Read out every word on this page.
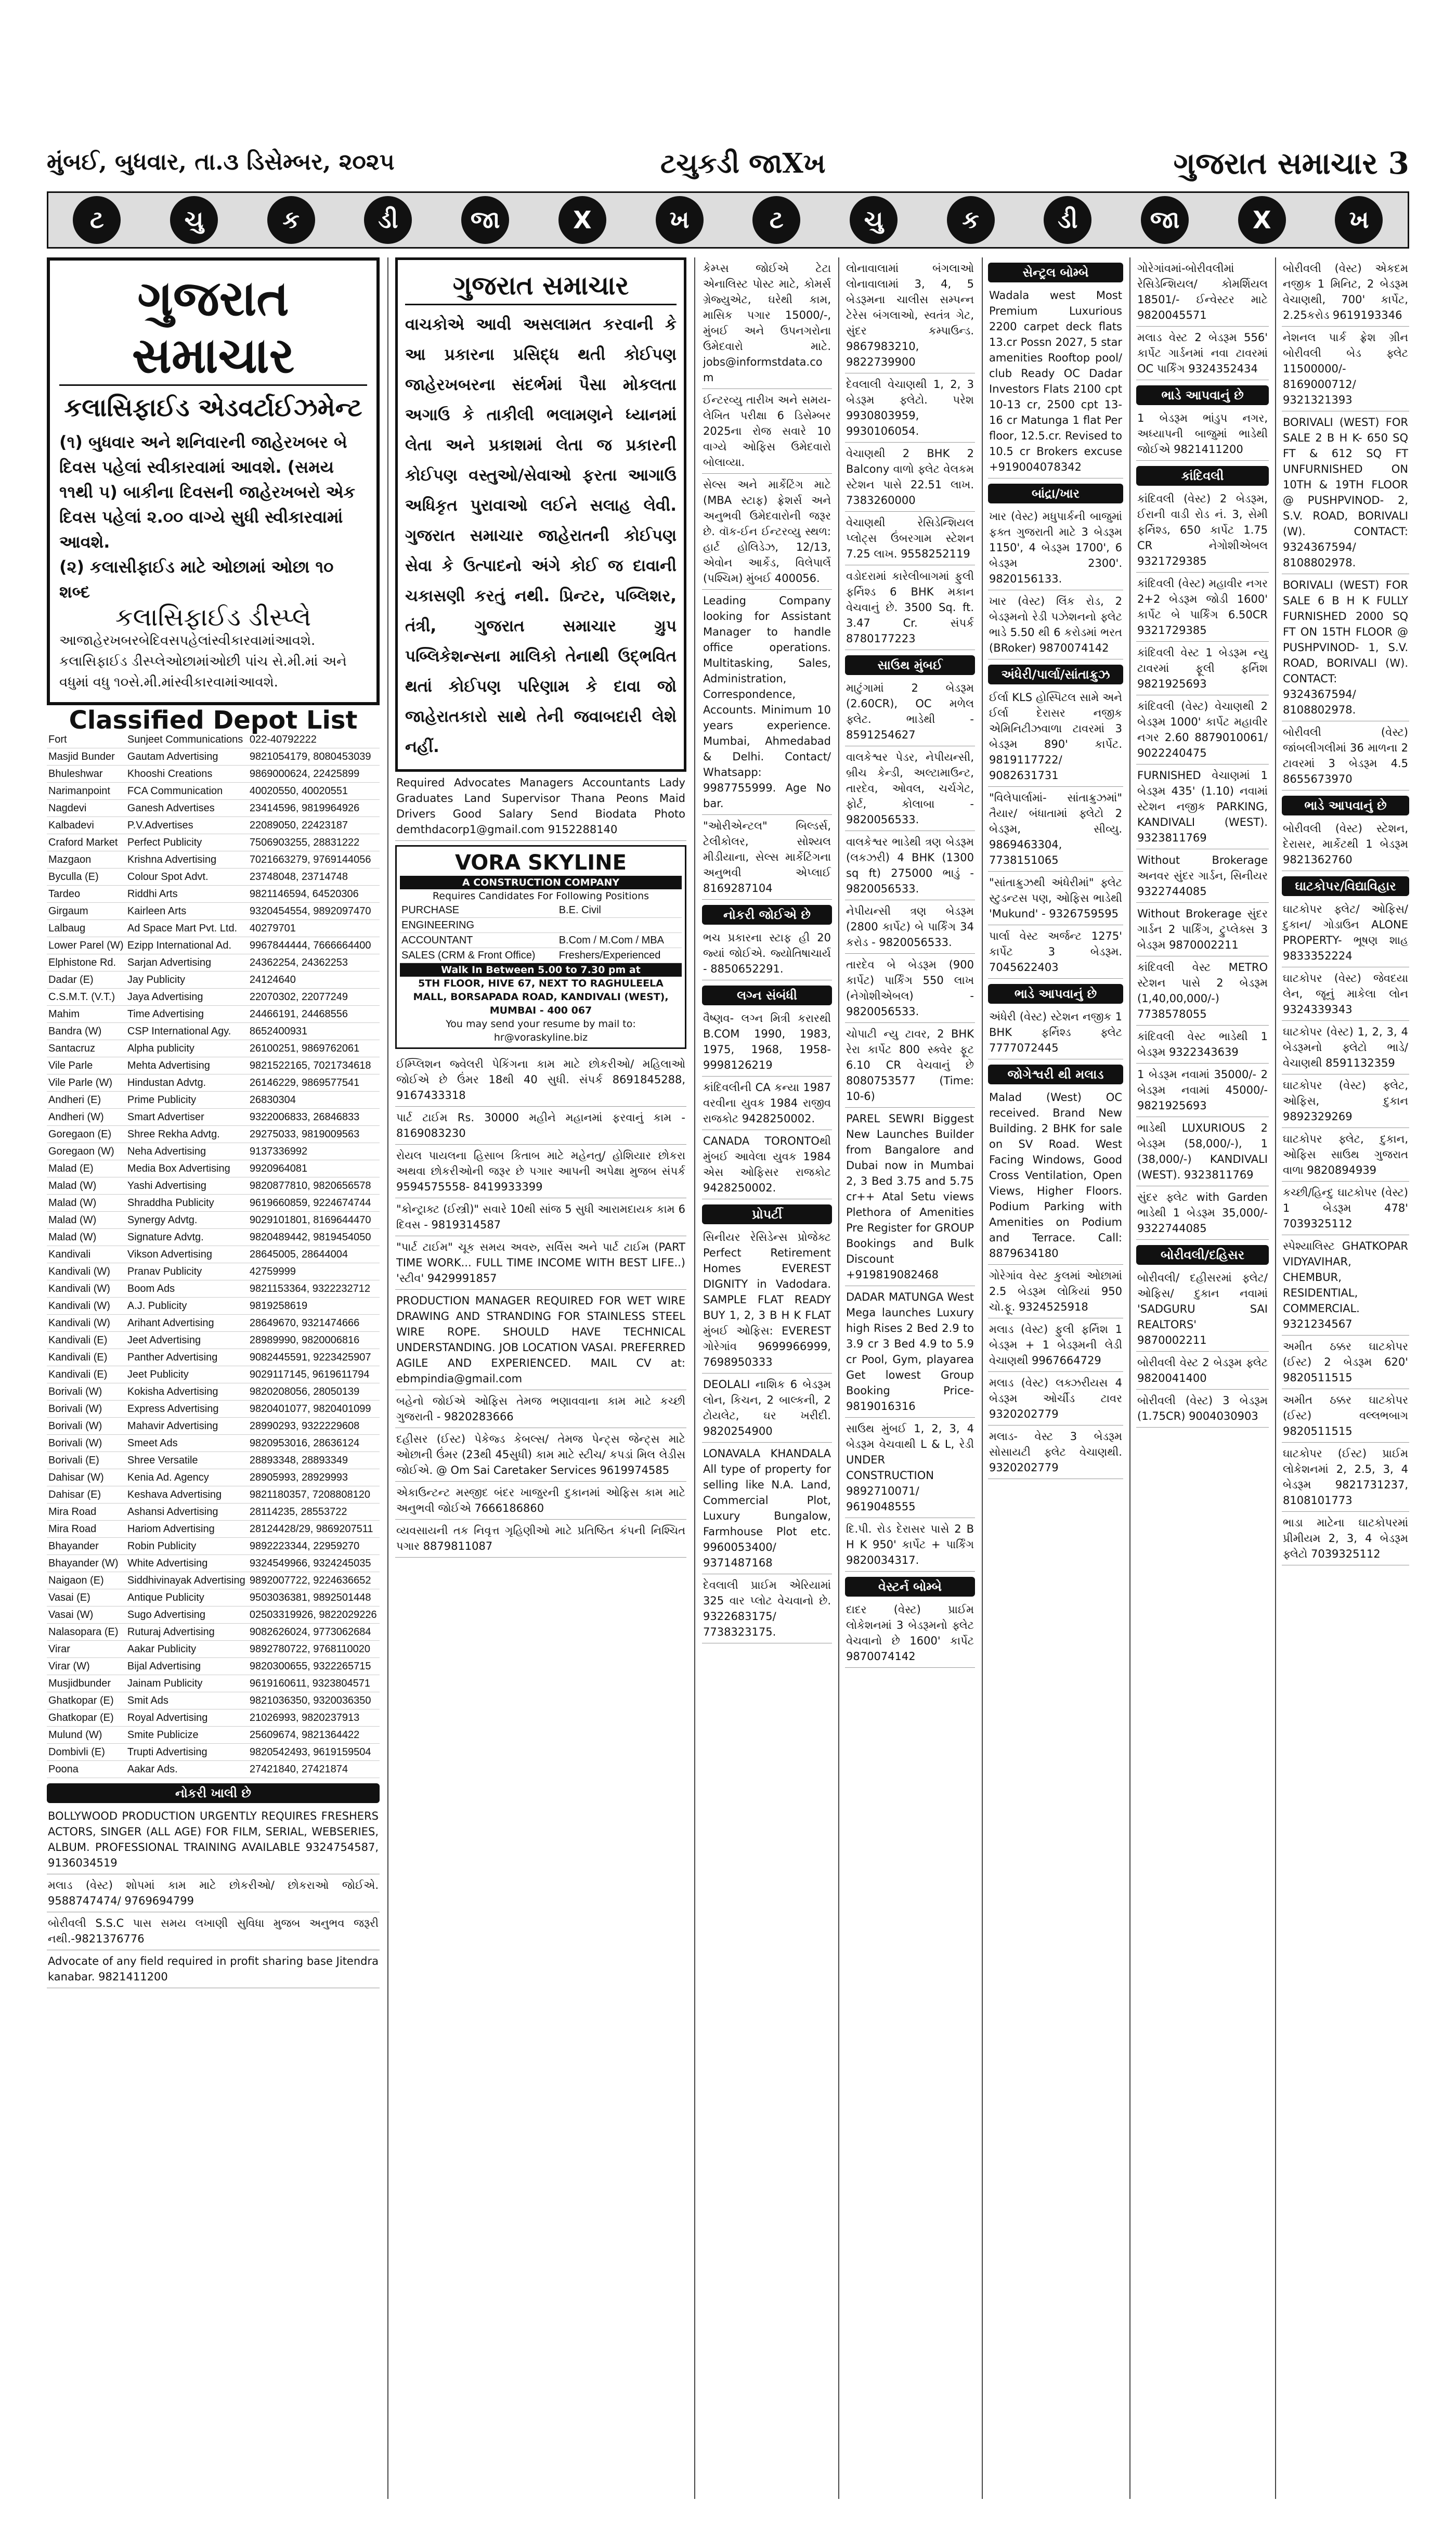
મુંબઈ, બુધવાર, તા.૩ ડિસેમ્બર, ૨૦૨૫	ટચુકડી જાXખ	ગુજરાત સમાચાર 3
ટ	ચુ	ક	ડી	જા	X	ખ	ટ	ચુ	ક	ડી	જા	X	ખ
ગુજરાત સમાચાર
કલાસિફાઈડ એડવર્ટાઈઝમેન્ટ

(૧) બુધવાર અને શનિવારની જાહેરખબર બે દિવસ પહેલાં સ્વીકારવામાં આવશે. (સમય ૧૧થી ૫) બાકીના દિવસની જાહેરખબરો એક દિવસ પહેલાં ૨.૦૦ વાગ્યે સુધી સ્વીકારવામાં આવશે.

(૨) કલાસીફાઈડ માટે ઓછામાં ઓછા ૧૦ શબ્દ

કલાસિફાઈડ ડીસ્પ્લે

આજાહેરખબરબેદિવસપહેલાંસ્વીકારવામાંઆવશે. કલાસિફાઈડ ડીસ્પ્લેઓછામાંઓછી પાંચ સે.મી.માં અને વધુમાં વધુ ૧૦સે.મી.માંસ્વીકારવામાંઆવશે.

Classified Depot List
Fort	Sunjeet Communications	022-40792222
Masjid Bunder	Gautam Advertising	9821054179, 8080453039
Bhuleshwar	Khooshi Creations	9869000624, 22425899
Narimanpoint	FCA Communication	40020550, 40020551
Nagdevi	Ganesh Advertises	23414596, 9819964926
Kalbadevi	P.V.Advertises	22089050, 22423187
Craford Market	Perfect Publicity	7506903255, 28831222
Mazgaon	Krishna Advertising	7021663279, 9769144056
Byculla (E)	Colour Spot Advt.	23748048, 23714748
Tardeo	Riddhi Arts	9821146594, 64520306
Girgaum	Kairleen Arts	9320454554, 9892097470
Lalbaug	Ad Space Mart Pvt. Ltd.	40279701
Lower Parel (W)	Ezipp International Ad.	9967844444, 7666664400
Elphistone Rd.	Sarjan Advertising	24362254, 24362253
Dadar (E)	Jay Publicity	24124640
C.S.M.T. (V.T.)	Jaya Advertising	22070302, 22077249
Mahim	Time Advertising	24466191, 24468556
Bandra (W)	CSP International Agy.	8652400931
Santacruz	Alpha publicity	26100251, 9869762061
Vile Parle	Mehta Advertising	9821522165, 7021734618
Vile Parle (W)	Hindustan Advtg.	26146229, 9869577541
Andheri (E)	Prime Publicity	26830304
Andheri (W)	Smart Advertiser	9322006833, 26846833
Goregaon (E)	Shree Rekha Advtg.	29275033, 9819009563
Goregaon (W)	Neha Advertising	9137336992
Malad (E)	Media Box Advertising	9920964081
Malad (W)	Yashi Advertising	9820877810, 9820656578
Malad (W)	Shraddha Publicity	9619660859, 9224674744
Malad (W)	Synergy Advtg.	9029101801, 8169644470
Malad (W)	Signature Advtg.	9820489442, 9819454050
Kandivali	Vikson Advertising	28645005, 28644004
Kandivali (W)	Pranav Publicity	42759999
Kandivali (W)	Boom Ads	9821153364, 9322232712
Kandivali (W)	A.J. Publicity	9819258619
Kandivali (W)	Arihant Advertising	28649670, 9321474666
Kandivali (E)	Jeet Advertising	28989990, 9820006816
Kandivali (E)	Panther Advertising	9082445591, 9223425907
Kandivali (E)	Jeet Publicity	9029117145, 9619611794
Borivali (W)	Kokisha Advertising	9820208056, 28050139
Borivali (W)	Express Advertising	9820401077, 9820401099
Borivali (W)	Mahavir Advertising	28990293, 9322229608
Borivali (W)	Smeet Ads	9820953016, 28636124
Borivali (E)	Shree Versatile	28893348, 28893349
Dahisar (W)	Kenia Ad. Agency	28905993, 28929993
Dahisar (E)	Keshava Advertising	9821180357, 7208808120
Mira Road	Ashansi Advertising	28114235, 28553722
Mira Road	Hariom Advertising	28124428/29, 9869207511
Bhayander	Robin Publicity	9892223344, 22959270
Bhayander (W)	White Advertising	9324549966, 9324245035
Naigaon (E)	Siddhivinayak Advertising	9892007722, 9224636652
Vasai (E)	Antique Publicity	9503036381, 9892501448
Vasai (W)	Sugo Advertising	02503319926, 9822029226
Nalasopara (E)	Ruturaj Advertising	9082626024, 9773062684
Virar	Aakar Publicity	9892780722, 9768110020
Virar (W)	Bijal Advertising	9820300655, 9322265715
Musjidbunder	Jainam Publicity	9619160611, 9323804571
Ghatkopar (E)	Smit Ads	9821036350, 9320036350
Ghatkopar (E)	Royal Advertising	21026993, 9820237913
Mulund (W)	Smite Publicize	25609674, 9821364422
Dombivli (E)	Trupti Advertising	9820542493, 9619159504
Poona	Aakar Ads.	27421840, 27421874
નોકરી ખાલી છે
BOLLYWOOD PRODUCTION URGENTLY REQUIRES FRESHERS ACTORS, SINGER (ALL AGE) FOR FILM, SERIAL, WEBSERIES, ALBUM. PROFESSIONAL TRAINING AVAILABLE 9324754587, 9136034519
મલાડ (વેસ્ટ) શોપમાં કામ માટે છોકરીઓ/ છોકરાઓ જોઈએ. 9588747474/ 9769694799
બોરીવલી S.S.C પાસ સમય લખાણી સુવિધા મુજબ અનુભવ જરૂરી નથી.-9821376776
Advocate of any field required in profit sharing base Jitendra kanabar. 9821411200
ગુજરાત સમાચાર
વાચકોએ આવી અસલામત કરવાની કે આ પ્રકારના પ્રસિદ્ધ થતી કોઈપણ જાહેરખબરના સંદર્ભમાં પૈસા મોકલતા અગાઉ કે તાકીલી ભલામણને ધ્યાનમાં લેતા અને પ્રકાશમાં લેતા જ પ્રકારની કોઈપણ વસ્તુઓ/સેવાઓ ફરતા આગાઉ અધિકૃત પુરાવાઓ લઈને સલાહ લેવી. ગુજરાત સમાચાર જાહેરાતની કોઈપણ સેવા કે ઉત્પાદનો અંગે કોઈ જ દાવાની ચકાસણી કરતું નથી. પ્રિન્ટર, પબ્લિશર, તંત્રી, ગુજરાત સમાચાર ગ્રુપ પબ્લિકેશન્સના માલિકો તેનાથી ઉદ્ભવિત થતાં કોઈપણ પરિણામ કે દાવા જો જાહેરાતકારો સાથે તેની જવાબદારી લેશે નહીં.
Required Advocates Managers Accountants Lady Graduates Land Supervisor Thana Peons Maid Drivers Good Salary Send Biodata Photo demthdacorp1@gmail.com 9152288140
VORA SKYLINE
A CONSTRUCTION COMPANY
Requires Candidates For Following Positions
PURCHASE	B.E. Civil
ENGINEERING	
ACCOUNTANT	B.Com / M.Com / MBA
SALES (CRM & Front Office)	Freshers/Experienced
Walk In Between 5.00 to 7.30 pm at
5TH FLOOR, HIVE 67, NEXT TO RAGHULEELA MALL, BORSAPADA ROAD, KANDIVALI (WEST), MUMBAI - 400 067
You may send your resume by mail to: hr@voraskyline.biz
ઈમ્પ્લિશન જ્વેલરી પેકિંગના કામ માટે છોકરીઓ/ મહિલાઓ જોઈએ છે ઉંમર 18થી 40 સુધી. સંપર્ક 8691845288, 9167433318
પાર્ટ ટાઈમ Rs. 30000 મહીને મહાનમાં ફરવાનું કામ - 8169083230
રોયલ પાયલના હિસાબ કિતાબ માટે મહેનતુ/ હોશિયાર છોકરા અથવા છોકરીઓની જરૂર છે પગાર આપની અપેક્ષા મુજબ સંપર્ક 9594575558- 8419933399
"કોન્ટ્રાક્ટ (ઈસ્ત્રી)" સવારે 10થી સાંજ 5 સુધી આરામદાયક કામ 6 દિવસ - 9819314587
"પાર્ટ ટાઈમ" ચૂક સમય અવરુ, સર્વિસ અને પાર્ટ ટાઈમ (PART TIME WORK... FULL TIME INCOME WITH BEST LIFE..) 'સ્ટીવ' 9429991857
PRODUCTION MANAGER REQUIRED FOR WET WIRE DRAWING AND STRANDING FOR STAINLESS STEEL WIRE ROPE. SHOULD HAVE TECHNICAL UNDERSTANDING. JOB LOCATION VASAI. PREFERRED AGILE AND EXPERIENCED. MAIL CV at: ebmpindia@gmail.com
બહેનો જોઈએ ઓફિસ તેમજ ભણાવવાના કામ માટે કચ્છી ગુજરાતી - 9820283666
દહીસર (ઈસ્ટ) પેકેજ્ડ કેબલ્સ/ તેમજ પેન્ટ્સ જેન્ટ્સ માટે ઓછાની ઉંમર (23થી 45સુધી) કામ માટે સ્ટીચ/ કપડાં મિલ લેડીસ જોઈએ. @ Om Sai Caretaker Services 9619974585
એકાઉન્ટન્ટ મસ્જીદ બંદર ખાજુરની દુકાનમાં ઓફિસ કામ માટે અનુભવી જોઈએ 7666186860
વ્યવસાયની તક નિવૃત્ત ગૃહિણીઓ માટે પ્રતિષ્ઠિત કંપની નિશ્ચિત પગાર 8879811087
કેમ્પ્સ જોઈએ ટેટા એનાલિસ્ટ પોસ્ટ માટે, કોમર્સ ગ્રેજ્યુએટ, ઘરેથી કામ, માસિક પગાર 15000/-, મુંબઈ અને ઉપનગરોના ઉમેદવારો માટે. jobs@informstdata.com
ઈન્ટરવ્યુ તારીખ અને સમય- લેખિત પરીક્ષા 6 ડિસેમ્બર 2025ના રોજ સવારે 10 વાગ્યે ઓફિસ ઉમેદવારો બોલાવ્યા.
સેલ્સ અને માર્કેટિંગ માટે (MBA સ્ટાફ) ફ્રેશર્સ અને અનુભવી ઉમેદવારોની જરૂર છે. વૉક-ઈન ઈન્ટરવ્યુ સ્થળ: હાર્ટ હોલિડેઝ, 12/13, એવોન આર્કેડ, વિલેપાર્લે (પશ્ચિમ) મુંબઈ 400056.
Leading Company looking for Assistant Manager to handle office operations. Multitasking, Sales, Administration, Correspondence, Accounts. Minimum 10 years experience. Mumbai, Ahmedabad & Delhi. Contact/ Whatsapp: 9987755999. Age No bar.
"ઓરીએન્ટલ" બિલ્ડર્સ, ટેલીકોલર, સોશ્યલ મીડીયાના, સેલ્સ માર્કેટિંગના અનુભવી એપ્લાઈ 8169287104
નોકરી જોઈએ છે
ભચ પ્રકારના સ્ટાફ હી 20 જ્યાં જોઈએ. જ્યોતિષાચાર્ય - 8850652291.
લગ્ન સંબંધી
વૈષ્ણવ- લગ્ન મિત્રી કરારથી B.COM 1990, 1983, 1975, 1968, 1958- 9998126219
કાંદિવલીની CA કન્યા 1987 વરવીના યુવક 1984 રાજીવ રાજકોટ 9428250002.
CANADA TORONTOથી મુંબઈ આવેલા યુવક 1984 એસ ઓફિસર રાજકોટ 9428250002.
પ્રોપર્ટી
સિનીયર રેસિડેન્સ પ્રોજેક્ટ Perfect Retirement Homes EVEREST DIGNITY in Vadodara. SAMPLE FLAT READY BUY 1, 2, 3 B H K FLAT મુંબઈ ઓફિસ: EVEREST ગોરેગાંવ 9699966999, 7698950333
DEOLALI નાશિક 6 બેડરૂમ લોન, કિચન, 2 બાલ્કની, 2 ટોયલેટ, ઘર ખરીદી. 9820254900
LONAVALA KHANDALA All type of property for selling like N.A. Land, Commercial Plot, Luxury Bungalow, Farmhouse Plot etc. 9960053400/ 9371487168
દેવલાલી પ્રાઈમ એરિયામાં 325 વાર પ્લોટ વેચવાનો છે. 9322683175/ 7738323175.
લોનાવાલામાં બંગલાઓ લોનાવાલામાં 3, 4, 5 બેડરૂમના ચાલીસ સમ્પન્ન ટેરેસ બંગલાઓ, સ્વતંત્ર ગેટ, સુંદર કમ્પાઉન્ડ. 9867983210, 9822739900
દેવલાલી વેચાણથી 1, 2, 3 બેડરૂમ ફ્લેટો. પરેશ 9930803959, 9930106054.
વેચાણથી 2 BHK 2 Balcony વાળો ફ્લેટ વેલકમ સ્ટેશન પાસે 22.51 લાખ. 7383260000
વેચાણથી રેસિડેન્શિયલ પ્લોટ્સ ઉંબરગામ સ્ટેશન 7.25 લાખ. 9558252119
વડોદરામાં કારેલીબાગમાં ફુલી ફર્નિશ્ડ 6 BHK મકાન વેચવાનું છે. 3500 Sq. ft. 3.47 Cr. સંપર્ક 8780177223
સાઉથ મુંબઈ
માટુંગામાં 2 બેડરૂમ (2.60CR), OC મળેલ ફ્લેટ. ભાડેથી - 8591254627
વાલકેશ્વર પેડર, નેપીયન્સી, બ્રીચ કેન્ડી, અલ્ટામાઉન્ટ, તારદેવ, ઓવલ, ચર્ચગેટ, ફોર્ટ, કોલાબા - 9820056533.
વાલકેશ્વર ભાડેથી ત્રણ બેડરૂમ (લકઝરી) 4 BHK (1300 sq ft) 275000 ભાડું - 9820056533.
નેપીયન્સી ત્રણ બેડરૂમ (2800 કાર્પેટ) બે પાર્કિંગ 34 કરોડ - 9820056533.
તારદેવ બે બેડરૂમ (900 કાર્પેટ) પાર્કિંગ 550 લાખ (નેગોશીએબલ) - 9820056533.
ચોપાટી ન્યુ ટાવર, 2 BHK રેરા કાર્પેટ 800 સ્ક્વેર ફૂટ 6.10 CR વેચવાનું છે 8080753577 (Time: 10-6)
PAREL SEWRI Biggest New Launches Builder from Bangalore and Dubai now in Mumbai 2, 3 Bed 3.75 and 5.75 cr++ Atal Setu views Plethora of Amenities Pre Register for GROUP Bookings and Bulk Discount +919819082468
DADAR MATUNGA West Mega launches Luxury high Rises 2 Bed 2.9 to 3.9 cr 3 Bed 4.9 to 5.9 cr Pool, Gym, playarea Get lowest Group Booking Price- 9819016316
સાઉથ મુંબઈ 1, 2, 3, 4 બેડરૂમ વેચવાથી L & L, રેડી UNDER CONSTRUCTION 9892710071/ 9619048555
દિ.પી. રોડ દેરાસર પાસે 2 B H K 950' કાર્પેટ + પાર્કિંગ 9820034317.
વેસ્ટર્ન બોમ્બે
દાદર (વેસ્ટ) પ્રાઈમ લોકેશનમાં 3 બેડરૂમનો ફ્લેટ વેચવાનો છે 1600' કાર્પેટ 9870074142
સેન્ટ્રલ બોમ્બે
Wadala west Most Premium Luxurious 2200 carpet deck flats 13.cr Possn 2027, 5 star amenities Rooftop pool/ club Ready OC Dadar Investors Flats 2100 cpt 10-13 cr, 2500 cpt 13-16 cr Matunga 1 flat Per floor, 12.5.cr. Revised to 10.5 cr Brokers excuse +919004078342
બાંદ્રા/ખાર
ખાર (વેસ્ટ) મધુપાર્કની બાજુમાં ફક્ત ગુજરાતી માટે 3 બેડરૂમ 1150', 4 બેડરૂમ 1700', 6 બેડરૂમ 2300'. 9820156133.
ખાર (વેસ્ટ) લિંક રોડ, 2 બેડરૂમનો રેડી પઝેશનનો ફ્લેટ ભાડે 5.50 થી 6 કરોડમાં ભરત (BRoker) 9870074142
અંધેરી/પાર્લા/સાંતાક્રુઝ
ઈર્લા KLS હોસ્પિટલ સામે અને ઈર્લા દેરાસર નજીક એમિનિટીઝવાળા ટાવરમાં 3 બેડરૂમ 890' કાર્પેટ. 9819117722/ 9082631731
"વિલેપાર્લામાં- સાંતાક્રુઝમાં" તૈયાર/ બંધાતામાં ફ્લેટો 2 બેડરૂમ, સીવ્યુ. 9869463304, 7738151065
"સાંતાક્રુઝથી અંધેરીમાં" ફ્લેટ સ્ટુડન્ટસ પણ, ઓફિસ ભાડેથી 'Mukund' - 9326759595
પાર્લા વેસ્ટ અર્જન્ટ 1275' કાર્પેટ 3 બેડરૂમ. 7045622403
ભાડે આપવાનું છે
અંધેરી (વેસ્ટ) સ્ટેશન નજીક 1 BHK ફર્નિશ્ડ ફ્લેટ 7777072445
જોગેશ્વરી થી મલાડ
Malad (West) OC received. Brand New Building. 2 BHK for sale on SV Road. West Facing Windows, Good Cross Ventilation, Open Views, Higher Floors. Podium Parking with Amenities on Podium and Terrace. Call: 8879634180
ગોરેગાંવ વેસ્ટ કુલમાં ઓછામાં 2.5 બેડરૂમ લોકિયાં 950 ચો.ફૂ. 9324525918
મલાડ (વેસ્ટ) ફુલી ફર્નિશ 1 બેડરૂમ + 1 બેડરૂમની લેડી વેચાણથી 9967664729
મલાડ (વેસ્ટ) લક્ઝરીયસ 4 બેડરૂમ ઓર્ચીડ ટાવર 9320202779
મલાડ- વેસ્ટ 3 બેડરૂમ સોસાયટી ફ્લેટ વેચાણથી. 9320202779
ગોરેગાંવમાં-બોરીવલીમાં રેસિડેન્શિયલ/ કોમર્શિયલ 18501/- ઈન્વેસ્ટર માટે 9820045571
મલાડ વેસ્ટ 2 બેડરૂમ 556' કાર્પેટ ગાર્ડનમાં નવા ટાવરમાં OC પાર્કિંગ 9324352434
ભાડે આપવાનું છે
1 બેડરૂમ ભાંડુપ નગર, અધ્યાપની બાજુમાં ભાડેથી જોઈએ 9821411200
કાંદિવલી
કાંદિવલી (વેસ્ટ) 2 બેડરૂમ, ઈરાની વાડી રોડ નં. 3, સેમી ફર્નિશ્ડ, 650 કાર્પેટ 1.75 CR નેગોશીએબલ 9321729385
કાંદિવલી (વેસ્ટ) મહાવીર નગર 2+2 બેડરૂમ જોડી 1600' કાર્પેટ બે પાર્કિંગ 6.50CR 9321729385
કાંદિવલી વેસ્ટ 1 બેડરૂમ ન્યુ ટાવરમાં ફૂલી ફર્નિશ 9821925693
કાંદિવલી (વેસ્ટ) વેચાણથી 2 બેડરૂમ 1000' કાર્પેટ મહાવીર નગર 2.60 8879010061/ 9022240475
FURNISHED વેચાણમાં 1 બેડરૂમ 435' (1.10) નવામાં સ્ટેશન નજીક PARKING, KANDIVALI (WEST). 9323811769
Without Brokerage અનવર સુંદર ગાર્ડન, સિનીયર 9322744085
Without Brokerage સુંદર ગાર્ડન 2 પાર્કિંગ, ટ્રુપ્લેક્સ 3 બેડરૂમ 9870002211
કાંદિવલી વેસ્ટ METRO સ્ટેશન પાસે 2 બેડરૂમ (1,40,00,000/-) 7738578055
કાંદિવલી વેસ્ટ ભાડેથી 1 બેડરૂમ 9322343639
1 બેડરૂમ નવામાં 35000/- 2 બેડરૂમ નવામાં 45000/- 9821925693
ભાડેથી LUXURIOUS 2 બેડરૂમ (58,000/-), 1 (38,000/-) KANDIVALI (WEST). 9323811769
સુંદર ફ્લેટ with Garden ભાડેથી 1 બેડરૂમ 35,000/- 9322744085
બોરીવલી/દહિસર
બોરીવલી/ દહીસરમાં ફ્લેટ/ ઓફિસ/ દુકાન નવામાં 'SADGURU SAI REALTORS' 9870002211
બોરીવલી વેસ્ટ 2 બેડરૂમ ફ્લેટ 9820041400
બોરીવલી (વેસ્ટ) 3 બેડરૂમ (1.75CR) 9004030903
બોરીવલી (વેસ્ટ) એકદમ નજીક 1 મિનિટ, 2 બેડરૂમ વેચાણથી, 700' કાર્પેટ, 2.25કરોડ 9619193346
નેશનલ પાર્ક ફ્રેશ ગ્રીન બોરીવલી બેડ ફ્લેટ 11500000/- 8169000712/ 9321321393
BORIVALI (WEST) FOR SALE 2 B H K- 650 SQ FT & 612 SQ FT UNFURNISHED ON 10TH & 19TH FLOOR @ PUSHPVINOD- 2, S.V. ROAD, BORIVALI (W). CONTACT: 9324367594/ 8108802978.
BORIVALI (WEST) FOR SALE 6 B H K FULLY FURNISHED 2000 SQ FT ON 15TH FLOOR @ PUSHPVINOD- 1, S.V. ROAD, BORIVALI (W). CONTACT: 9324367594/ 8108802978.
બોરીવલી (વેસ્ટ) જાંબલીગલીમાં 36 માળના 2 ટાવરમાં 3 બેડરૂમ 4.5 8655673970
ભાડે આપવાનું છે
બોરીવલી (વેસ્ટ) સ્ટેશન, દેરાસર, માર્કેટથી 1 બેડરૂમ 9821362760
ઘાટકોપર/વિદ્યાવિહાર
ઘાટકોપર ફ્લેટ/ ઓફિસ/ દુકાન/ ગોડાઉન ALONE PROPERTY- ભૂષણ શાહ 9833352224
ઘાટકોપર (વેસ્ટ) જેવદયા લેન, જૂનું માકેલા લોન 9324339343
ઘાટકોપર (વેસ્ટ) 1, 2, 3, 4 બેડરૂમનો ફ્લેટો ભાડે/ વેચાણથી 8591132359
ઘાટકોપર (વેસ્ટ) ફ્લેટ, ઓફિસ, દુકાન 9892329269
ઘાટકોપર ફ્લેટ, દુકાન, ઓફિસ સાઉથ ગુજરાત વાળા 9820894939
કચ્છી/હિન્દુ ઘાટકોપર (વેસ્ટ) 1 બેડરૂમ 478' 7039325112
સ્પેશ્યાલિસ્ટ GHATKOPAR VIDYAVIHAR, CHEMBUR, RESIDENTIAL, COMMERCIAL. 9321234567
અમીત ઠક્કર ઘાટકોપર (ઈસ્ટ) 2 બેડરૂમ 620' 9820511515
અમીત ઠક્કર ઘાટકોપર (ઈસ્ટ) વલ્લભબાગ 9820511515
ઘાટકોપર (ઈસ્ટ) પ્રાઈમ લોકેશનમાં 2, 2.5, 3, 4 બેડરૂમ 9821731237, 8108101773
ભાડા માટેના ઘાટકોપરમાં પ્રીમીયમ 2, 3, 4 બેડરૂમ ફ્લેટો 7039325112
